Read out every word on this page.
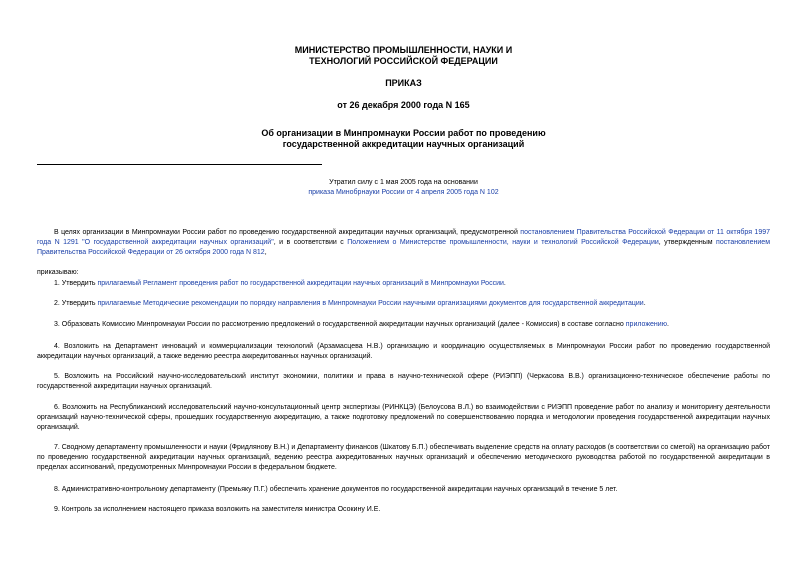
МИНИСТЕРСТВО ПРОМЫШЛЕННОСТИ, НАУКИ И
ТЕХНОЛОГИЙ РОССИЙСКОЙ ФЕДЕРАЦИИ
ПРИКАЗ
от 26 декабря 2000 года N 165
Об организации в Минпромнауки России работ по проведению
государственной аккредитации научных организаций
Утратил силу с 1 мая 2005 года на основании
приказа Минобрнауки России от 4 апреля 2005 года N 102
В целях организации в Минпромнауки России работ по проведению государственной аккредитации научных организаций, предусмотренной постановлением Правительства Российской Федерации от 11 октября 1997 года N 1291 "О государственной аккредитации научных организаций", и в соответствии с Положением о Министерстве промышленности, науки и технологий Российской Федерации, утвержденным постановлением Правительства Российской Федерации от 26 октября 2000 года N 812,
приказываю:
1. Утвердить прилагаемый Регламент проведения работ по государственной аккредитации научных организаций в Минпромнауки России.
2. Утвердить прилагаемые Методические рекомендации по порядку направления в Минпромнауки России научными организациями документов для государственной аккредитации.
3. Образовать Комиссию Минпромнауки России по рассмотрению предложений о государственной аккредитации научных организаций (далее - Комиссия) в составе согласно приложению.
4. Возложить на Департамент инноваций и коммерциализации технологий (Арзамасцева Н.В.) организацию и координацию осуществляемых в Минпромнауки России работ по проведению государственной аккредитации научных организаций, а также ведению реестра аккредитованных научных организаций.
5. Возложить на Российский научно-исследовательский институт экономики, политики и права в научно-технической сфере (РИЭПП) (Черкасова В.В.) организационно-техническое обеспечение работы по государственной аккредитации научных организаций.
6. Возложить на Республиканский исследовательский научно-консультационный центр экспертизы (РИНКЦЭ) (Белоусова В.Л.) во взаимодействии с РИЭПП проведение работ по анализу и мониторингу деятельности организаций научно-технической сферы, прошедших государственную аккредитацию, а также подготовку предложений по совершенствованию порядка и методологии проведения государственной аккредитации научных организаций.
7. Сводному департаменту промышленности и науки (Фридлянову В.Н.) и Департаменту финансов (Шкатову Б.П.) обеспечивать выделение средств на оплату расходов (в соответствии со сметой) на организацию работ по проведению государственной аккредитации научных организаций, ведению реестра аккредитованных научных организаций и обеспечению методического руководства работой по государственной аккредитации в пределах ассигнований, предусмотренных Минпромнауки России в федеральном бюджете.
8. Административно-контрольному департаменту (Премьяку П.Г.) обеспечить хранение документов по государственной аккредитации научных организаций в течение 5 лет.
9. Контроль за исполнением настоящего приказа возложить на заместителя министра Осокину И.Е.
